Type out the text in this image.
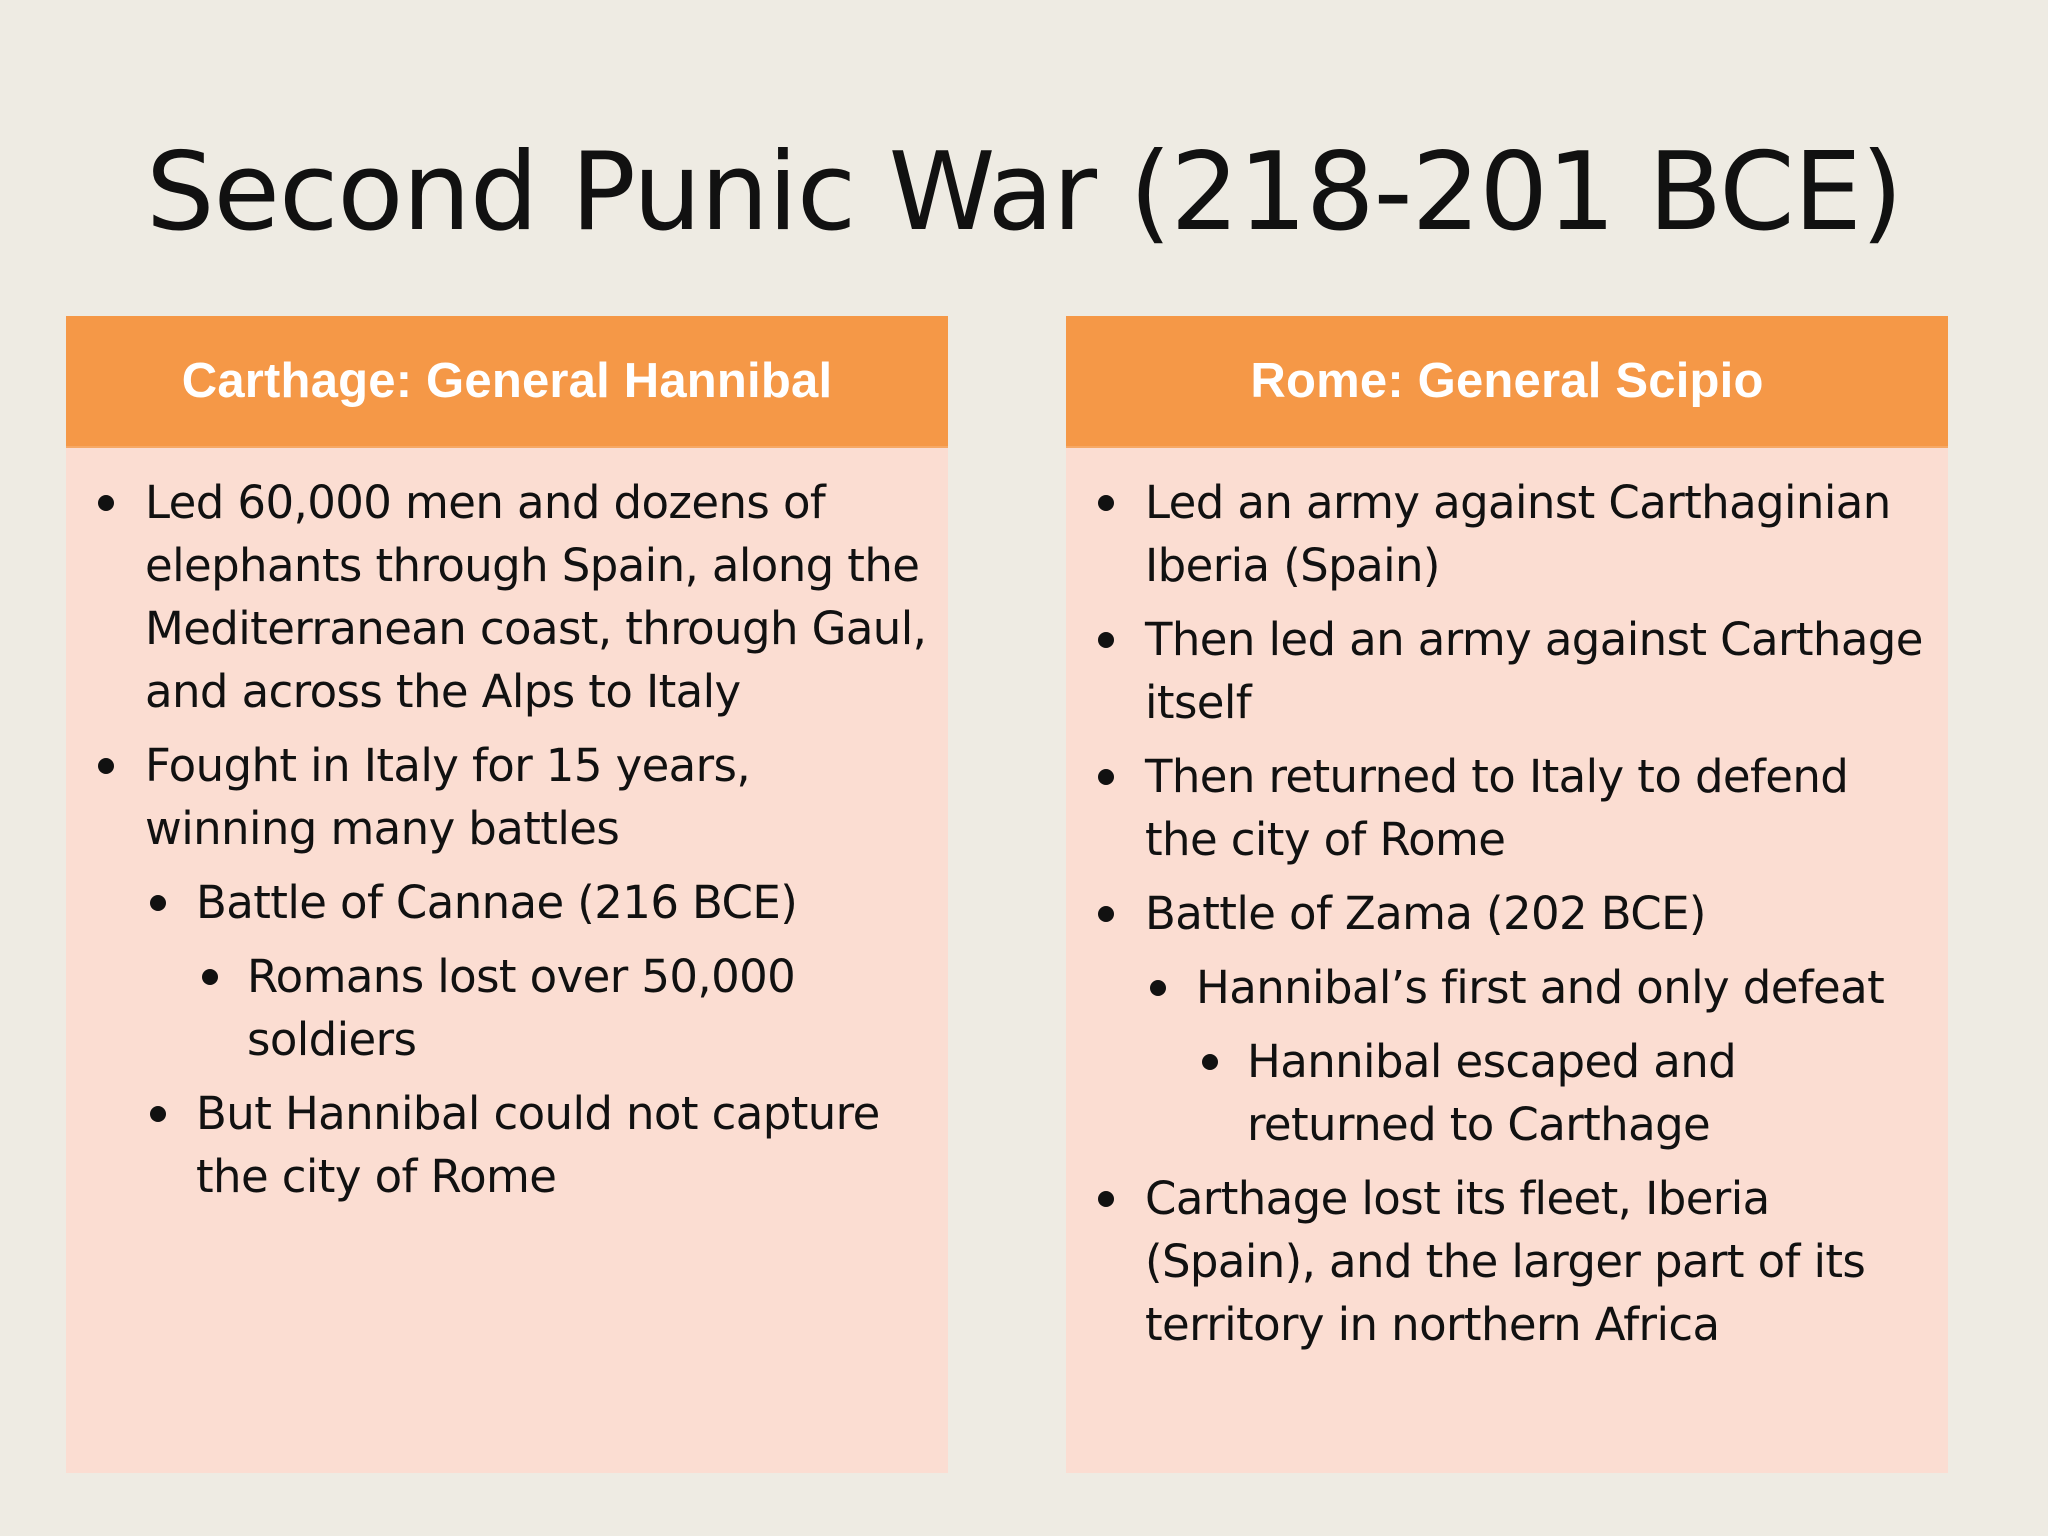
Second Punic War (218-201 BCE)
Carthage: General Hannibal
Led 60,000 men and dozens of elephants through Spain, along the Mediterranean coast, through Gaul, and across the Alps to Italy
Fought in Italy for 15 years, winning many battles
Battle of Cannae (216 BCE)
Romans lost over 50,000 soldiers
But Hannibal could not capture the city of Rome
Rome: General Scipio
Led an army against Carthaginian Iberia (Spain)
Then led an army against Carthage itself
Then returned to Italy to defend the city of Rome
Battle of Zama (202 BCE)
Hannibal’s first and only defeat
Hannibal escaped and returned to Carthage
Carthage lost its fleet, Iberia (Spain), and the larger part of its territory in northern Africa
